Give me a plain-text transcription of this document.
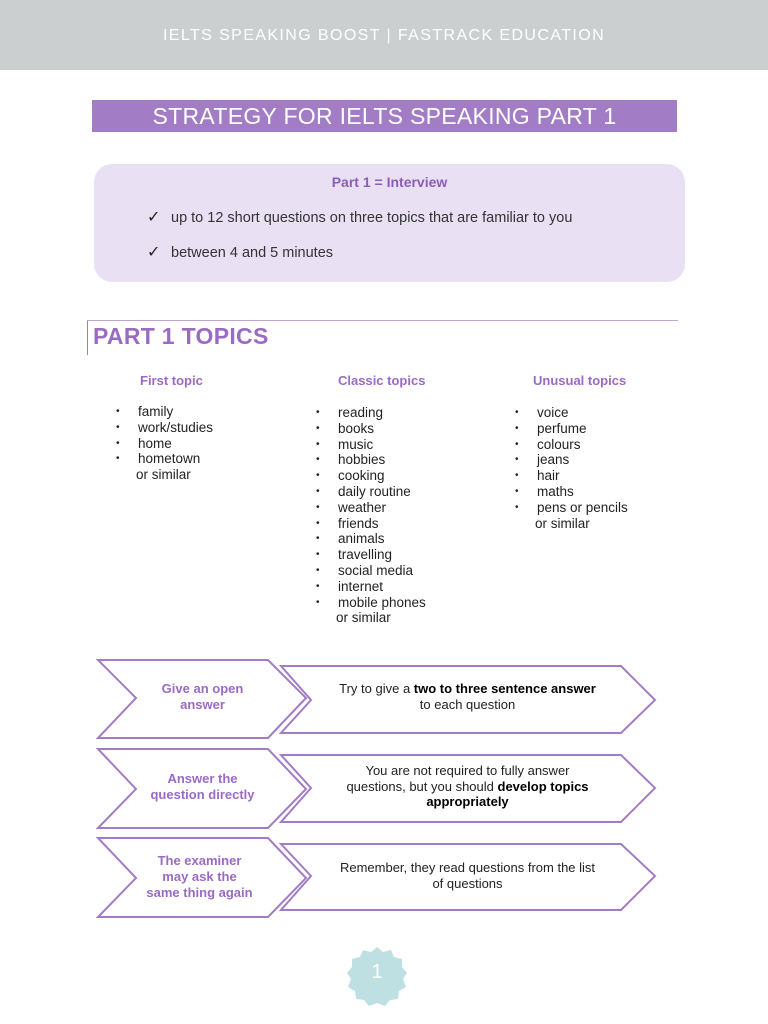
IELTS SPEAKING BOOST | FASTRACK EDUCATION
STRATEGY FOR IELTS SPEAKING PART 1
Part 1 = Interview
✓ up to 12 short questions on three topics that are familiar to you
✓ between 4 and 5 minutes
PART 1 TOPICS
First topic	Classic topics	Unusual topics
• family
• work/studies
• home
• hometown
or similar
• reading
• books
• music
• hobbies
• cooking
• daily routine
• weather
• friends
• animals
• travelling
• social media
• internet
• mobile phones
or similar
• voice
• perfume
• colours
• jeans
• hair
• maths
• pens or pencils
or similar
Give an open
answer
Try to give a two to three sentence answer
to each question
Answer the
question directly
You are not required to fully answer
questions, but you should develop topics
appropriately
The examiner
may ask the
same thing again
Remember, they read questions from the list
of questions
1
